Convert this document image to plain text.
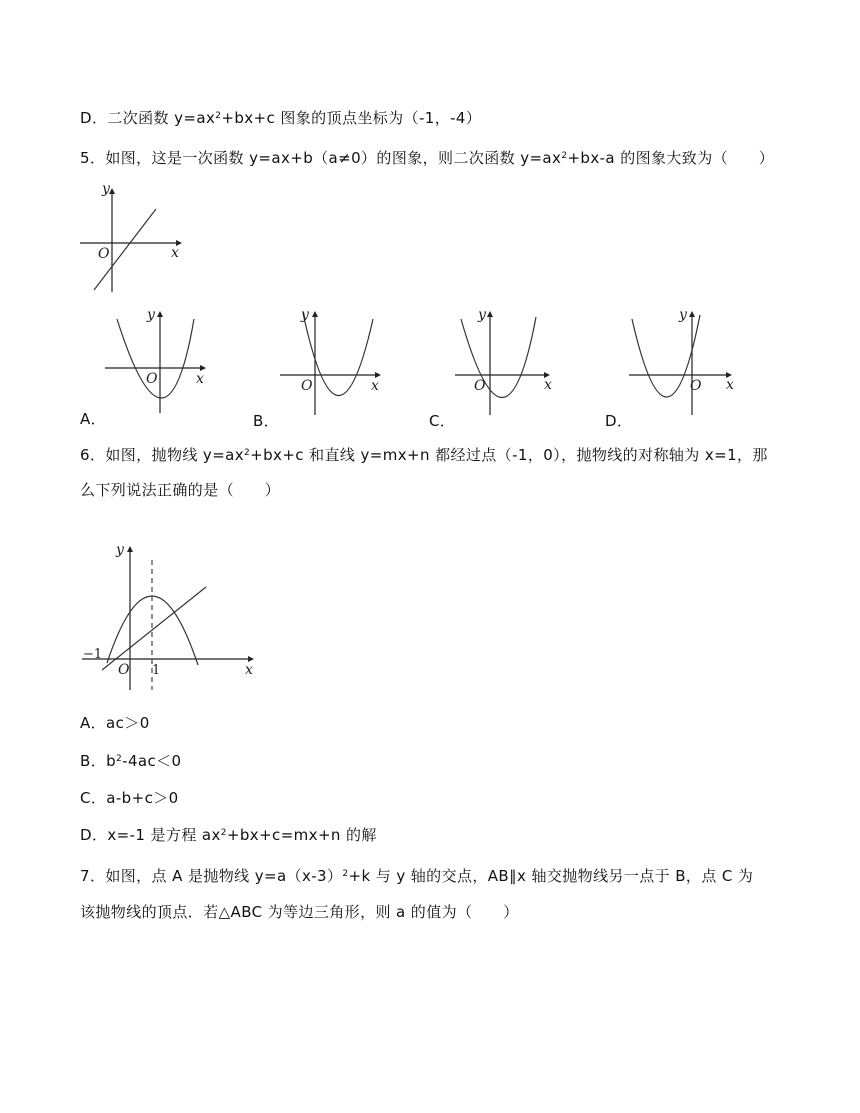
D．二次函数 $y=ax^2+bx+c$ 图象的顶点坐标为（-1，-4）
5．如图，这是一次函数 y=ax+b（a≠0）的图象，则二次函数 $y=ax^2+bx-a$ 的图象大致为（　　）
y
x
O
y
x
O
y
x
O
y
x
O
y
x
O
A．	B．	C．	D．
6．如图，抛物线 $y=ax^2+bx+c$ 和直线 y=mx+n 都经过点（-1，0），抛物线的对称轴为 x=1，那
么下列说法正确的是（　　）
y
x
O
−1
1
A．ac＞0
B．$b^2-4ac<0$
C．a-b+c＞0
D．x=-1 是方程 $ax^2+bx+c=mx+n$ 的解
7．如图，点 A 是抛物线 $y=a(x-3)^2+k$ 与 y 轴的交点，AB∥x 轴交抛物线另一点于 B，点 C 为
该抛物线的顶点．若△ABC 为等边三角形，则 a 的值为（　　）
